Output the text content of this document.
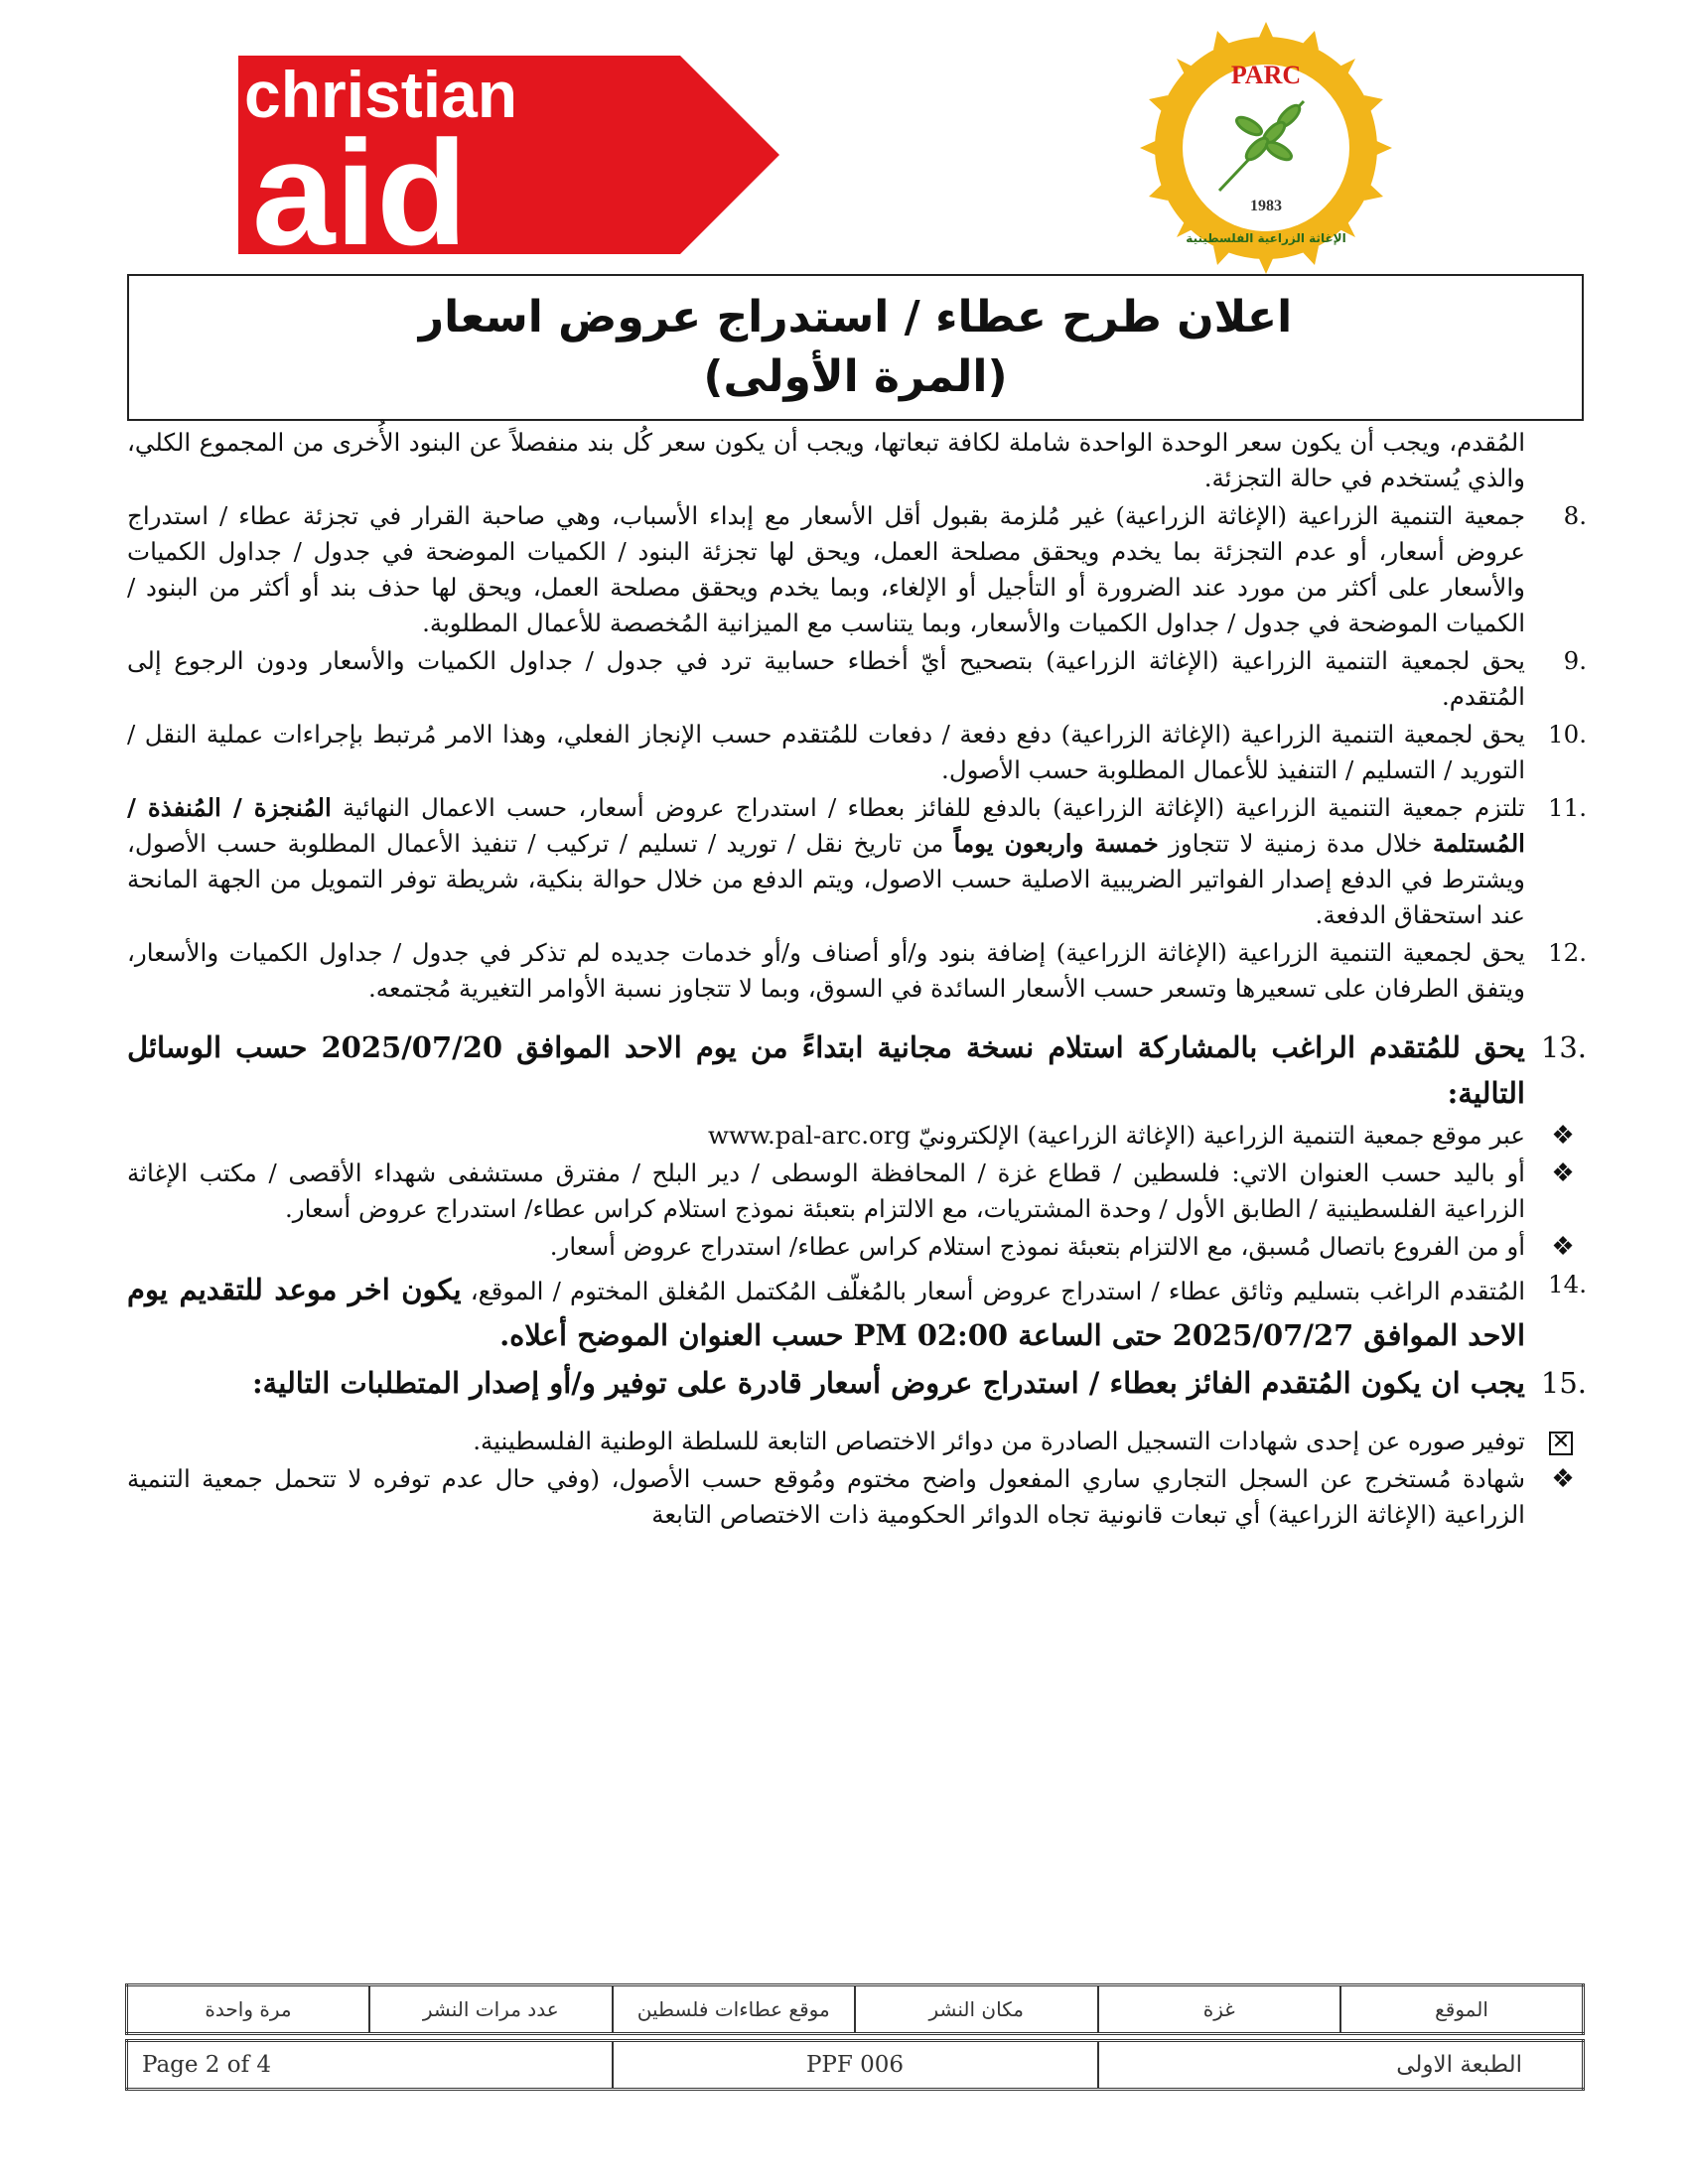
christian
aid
PARC
1983
الإغاثة الزراعية الفلسطينية
اعلان طرح عطاء / استدراج عروض اسعار
(المرة الأولى)
المُقدم، ويجب أن يكون سعر الوحدة الواحدة شاملة لكافة تبعاتها، ويجب أن يكون سعر كُل بند منفصلاً عن البنود الأُخرى من المجموع الكلي، والذي يُستخدم في حالة التجزئة.
8.
جمعية التنمية الزراعية (الإغاثة الزراعية) غير مُلزمة بقبول أقل الأسعار مع إبداء الأسباب، وهي صاحبة القرار في تجزئة عطاء / استدراج عروض أسعار، أو عدم التجزئة بما يخدم ويحقق مصلحة العمل، ويحق لها تجزئة البنود / الكميات الموضحة في جدول / جداول الكميات والأسعار على أكثر من مورد عند الضرورة أو التأجيل أو الإلغاء، وبما يخدم ويحقق مصلحة العمل، ويحق لها حذف بند أو أكثر من البنود / الكميات الموضحة في جدول / جداول الكميات والأسعار، وبما يتناسب مع الميزانية المُخصصة للأعمال المطلوبة.
9.
يحق لجمعية التنمية الزراعية (الإغاثة الزراعية) بتصحيح أيّ أخطاء حسابية ترد في جدول / جداول الكميات والأسعار ودون الرجوع إلى المُتقدم.
10.
يحق لجمعية التنمية الزراعية (الإغاثة الزراعية) دفع دفعة / دفعات للمُتقدم حسب الإنجاز الفعلي، وهذا الامر مُرتبط بإجراءات عملية النقل / التوريد / التسليم / التنفيذ للأعمال المطلوبة حسب الأصول.
11.
تلتزم جمعية التنمية الزراعية (الإغاثة الزراعية) بالدفع للفائز بعطاء / استدراج عروض أسعار، حسب الاعمال النهائية المُنجزة / المُنفذة / المُستلمة خلال مدة زمنية لا تتجاوز خمسة واربعون يوماً من تاريخ نقل / توريد / تسليم / تركيب / تنفيذ الأعمال المطلوبة حسب الأصول، ويشترط في الدفع إصدار الفواتير الضريبية الاصلية حسب الاصول، ويتم الدفع من خلال حوالة بنكية، شريطة توفر التمويل من الجهة المانحة عند استحقاق الدفعة.
12.
يحق لجمعية التنمية الزراعية (الإغاثة الزراعية) إضافة بنود و/أو أصناف و/أو خدمات جديده لم تذكر في جدول / جداول الكميات والأسعار، ويتفق الطرفان على تسعيرها وتسعر حسب الأسعار السائدة في السوق، وبما لا تتجاوز نسبة الأوامر التغيرية مُجتمعه.
13.
يحق للمُتقدم الراغب بالمشاركة استلام نسخة مجانية ابتداءً من يوم الاحد الموافق 2025/07/20 حسب الوسائل التالية:
❖
عبر موقع جمعية التنمية الزراعية (الإغاثة الزراعية) الإلكترونيّ www.pal-arc.org
❖
أو باليد حسب العنوان الاتي: فلسطين / قطاع غزة / المحافظة الوسطى / دير البلح / مفترق مستشفى شهداء الأقصى / مكتب الإغاثة الزراعية الفلسطينية / الطابق الأول / وحدة المشتريات، مع الالتزام بتعبئة نموذج استلام كراس عطاء/ استدراج عروض أسعار.
❖
أو من الفروع باتصال مُسبق، مع الالتزام بتعبئة نموذج استلام كراس عطاء/ استدراج عروض أسعار.
14.
المُتقدم الراغب بتسليم وثائق عطاء / استدراج عروض أسعار بالمُغلّف المُكتمل المُغلق المختوم / الموقع، يكون اخر موعد للتقديم يوم الاحد الموافق 2025/07/27 حتى الساعة 02:00 PM حسب العنوان الموضح أعلاه.
15.
يجب ان يكون المُتقدم الفائز بعطاء / استدراج عروض أسعار قادرة على توفير و/أو إصدار المتطلبات التالية:
✕
توفير صوره عن إحدى شهادات التسجيل الصادرة من دوائر الاختصاص التابعة للسلطة الوطنية الفلسطينية.
❖
شهادة مُستخرج عن السجل التجاري ساري المفعول واضح مختوم ومُوقع حسب الأصول، (وفي حال عدم توفره لا تتحمل جمعية التنمية الزراعية (الإغاثة الزراعية) أي تبعات قانونية تجاه الدوائر الحكومية ذات الاختصاص التابعة
الموقع	غزة	مكان النشر	موقع عطاءات فلسطين	عدد مرات النشر	مرة واحدة
الطبعة الاولى	PPF 006	Page 2 of 4
